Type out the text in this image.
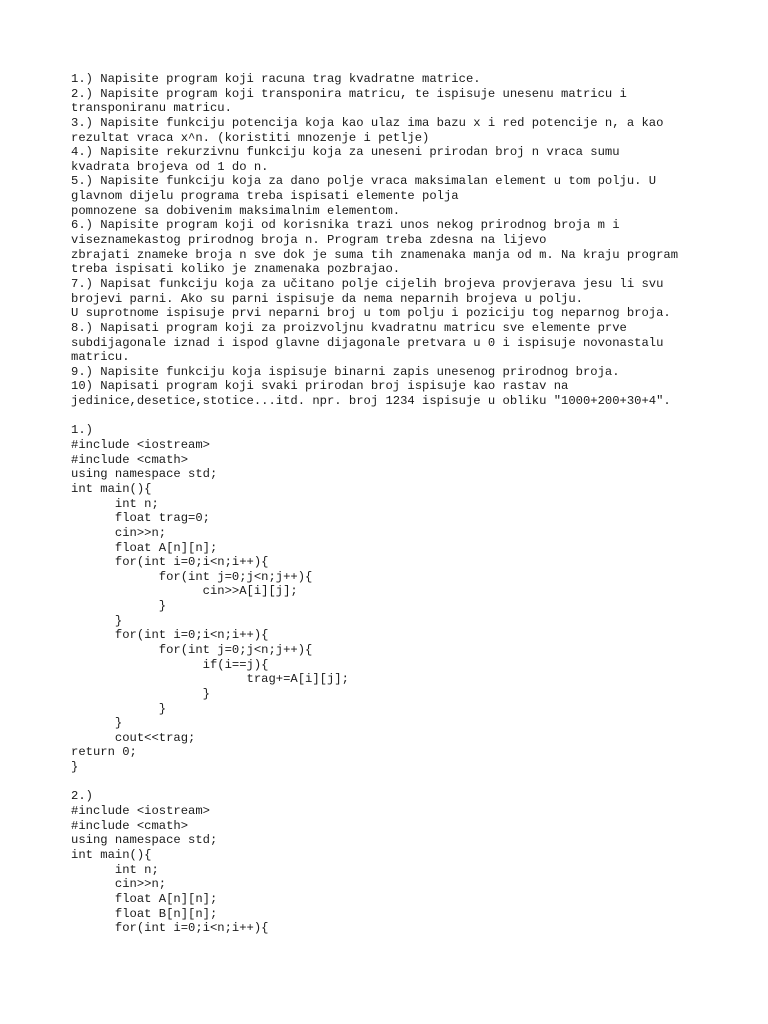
1.) Napisite program koji racuna trag kvadratne matrice.
2.) Napisite program koji transponira matricu, te ispisuje unesenu matricu i
transponiranu matricu.
3.) Napisite funkciju potencija koja kao ulaz ima bazu x i red potencije n, a kao
rezultat vraca x^n. (koristiti mnozenje i petlje)
4.) Napisite rekurzivnu funkciju koja za uneseni prirodan broj n vraca sumu
kvadrata brojeva od 1 do n.
5.) Napisite funkciju koja za dano polje vraca maksimalan element u tom polju. U
glavnom dijelu programa treba ispisati elemente polja
pomnozene sa dobivenim maksimalnim elementom.
6.) Napisite program koji od korisnika trazi unos nekog prirodnog broja m i
viseznamekastog prirodnog broja n. Program treba zdesna na lijevo
zbrajati znameke broja n sve dok je suma tih znamenaka manja od m. Na kraju program
treba ispisati koliko je znamenaka pozbrajao.
7.) Napisat funkciju koja za učitano polje cijelih brojeva provjerava jesu li svu
brojevi parni. Ako su parni ispisuje da nema neparnih brojeva u polju.
U suprotnome ispisuje prvi neparni broj u tom polju i poziciju tog neparnog broja.
8.) Napisati program koji za proizvoljnu kvadratnu matricu sve elemente prve
subdijagonale iznad i ispod glavne dijagonale pretvara u 0 i ispisuje novonastalu
matricu.
9.) Napisite funkciju koja ispisuje binarni zapis unesenog prirodnog broja.
10) Napisati program koji svaki prirodan broj ispisuje kao rastav na
jedinice,desetice,stotice...itd. npr. broj 1234 ispisuje u obliku "1000+200+30+4".
1.)
#include <iostream>
#include <cmath>
using namespace std;
int main(){
int n;
float trag=0;
cin>>n;
float A[n][n];
for(int i=0;i<n;i++){
for(int j=0;j<n;j++){
cin>>A[i][j];
}
}
for(int i=0;i<n;i++){
for(int j=0;j<n;j++){
if(i==j){
trag+=A[i][j];
}
}
}
cout<<trag;
return 0;
}
2.)
#include <iostream>
#include <cmath>
using namespace std;
int main(){
int n;
cin>>n;
float A[n][n];
float B[n][n];
for(int i=0;i<n;i++){
